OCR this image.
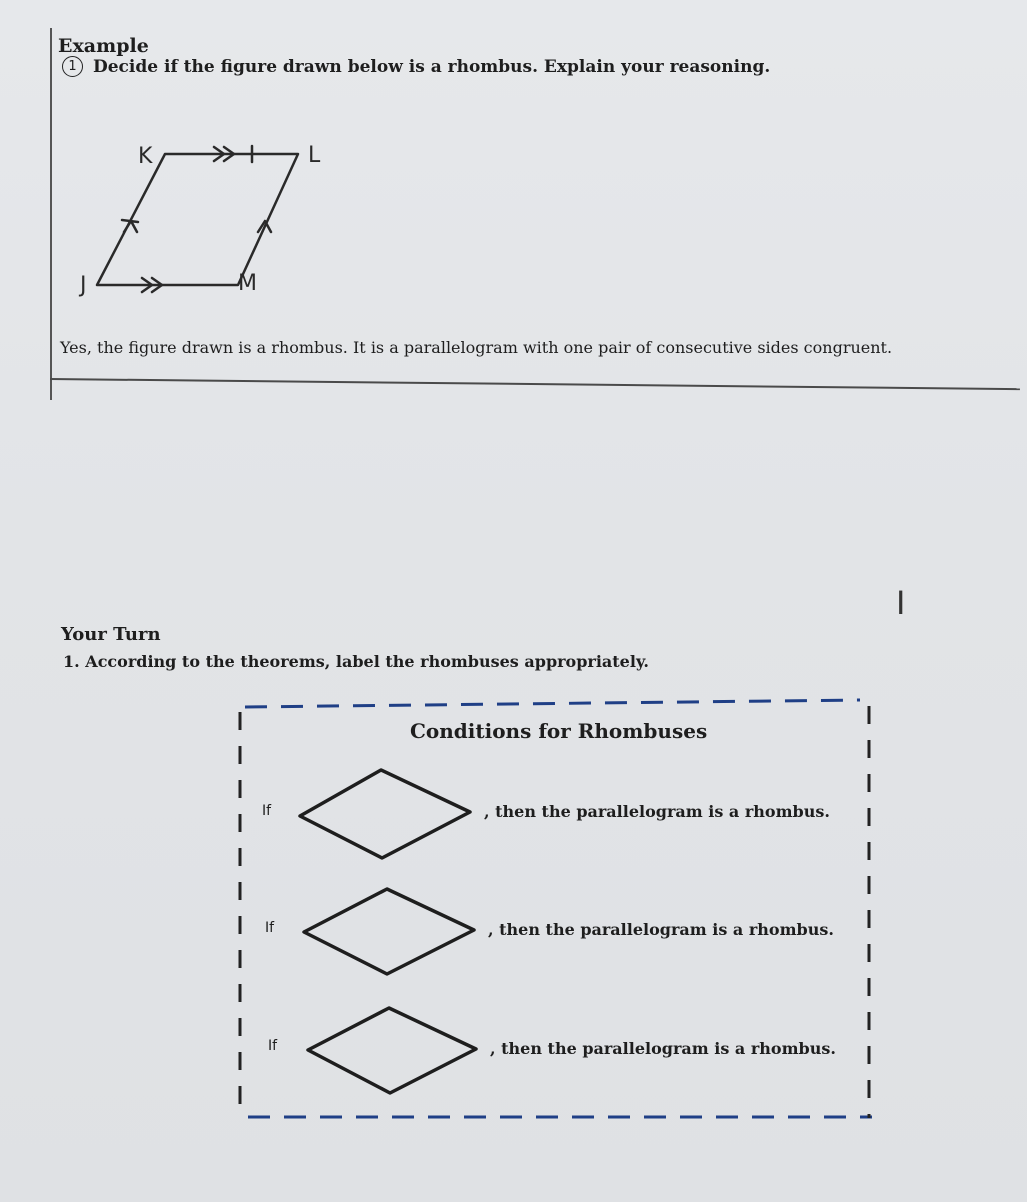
Example
1 Decide if the figure drawn below is a rhombus. Explain your reasoning.
K	L
J	M
Yes, the figure drawn is a rhombus. It is a parallelogram with one pair of consecutive sides congruent.
Your Turn
1. According to the theorems, label the rhombuses appropriately.
Conditions for Rhombuses
If	, then the parallelogram is a rhombus.
If	, then the parallelogram is a rhombus.
If	, then the parallelogram is a rhombus.
I
